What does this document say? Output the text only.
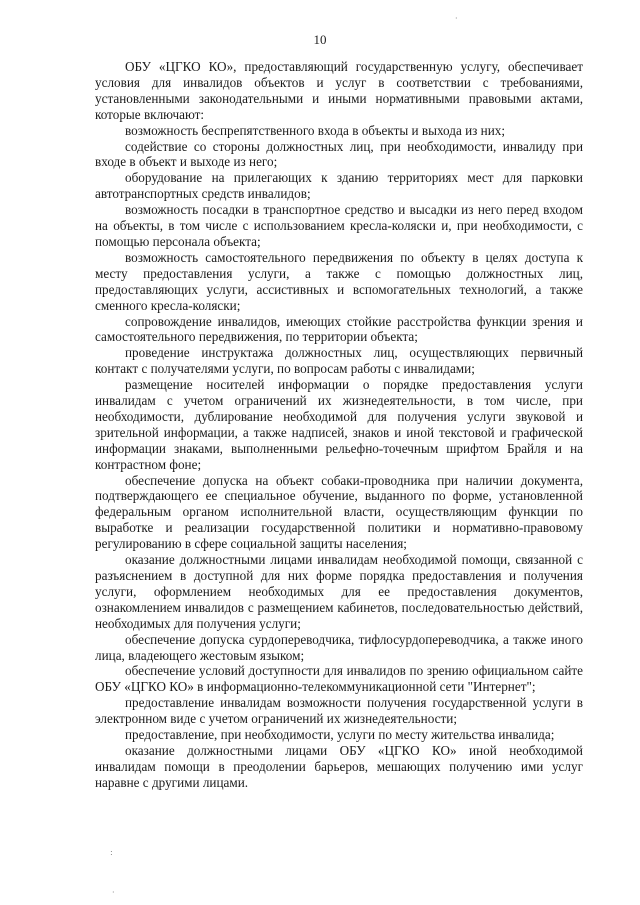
10

ОБУ «ЦГКО КО», предоставляющий государственную услугу, обеспечивает условия для инвалидов объектов и услуг в соответствии с требованиями, установленными законодательными и иными нормативными правовыми актами, которые включают:

возможность беспрепятственного входа в объекты и выхода из них;

содействие со стороны должностных лиц, при необходимости, инвалиду при входе в объект и выходе из него;

оборудование на прилегающих к зданию территориях мест для парковки автотранспортных средств инвалидов;

возможность посадки в транспортное средство и высадки из него перед входом на объекты, в том числе с использованием кресла-коляски и, при необходимости, с помощью персонала объекта;

возможность самостоятельного передвижения по объекту в целях доступа к месту предоставления услуги, а также с помощью должностных лиц, предоставляющих услуги, ассистивных и вспомогательных технологий, а также сменного кресла-коляски;

сопровождение инвалидов, имеющих стойкие расстройства функции зрения и самостоятельного передвижения, по территории объекта;

проведение инструктажа должностных лиц, осуществляющих первичный контакт с получателями услуги, по вопросам работы с инвалидами;

размещение носителей информации о порядке предоставления услуги инвалидам с учетом ограничений их жизнедеятельности, в том числе, при необходимости, дублирование необходимой для получения услуги звуковой и зрительной информации, а также надписей, знаков и иной текстовой и графической информации знаками, выполненными рельефно-точечным шрифтом Брайля и на контрастном фоне;

обеспечение допуска на объект собаки-проводника при наличии документа, подтверждающего ее специальное обучение, выданного по форме, установленной федеральным органом исполнительной власти, осуществляющим функции по выработке и реализации государственной политики и нормативно-правовому регулированию в сфере социальной защиты населения;

оказание должностными лицами инвалидам необходимой помощи, связанной с разъяснением в доступной для них форме порядка предоставления и получения услуги, оформлением необходимых для ее предоставления документов, ознакомлением инвалидов с размещением кабинетов, последовательностью действий, необходимых для получения услуги;

обеспечение допуска сурдопереводчика, тифлосурдопереводчика, а также иного лица, владеющего жестовым языком;

обеспечение условий доступности для инвалидов по зрению официальном сайте ОБУ «ЦГКО КО» в информационно-телекоммуникационной сети "Интернет";

предоставление инвалидам возможности получения государственной услуги в электронном виде с учетом ограничений их жизнедеятельности;

предоставление, при необходимости, услуги по месту жительства инвалида;

оказание должностными лицами ОБУ «ЦГКО КО» иной необходимой инвалидам помощи в преодолении барьеров, мешающих получению ими услуг наравне с другими лицами.

·
:
·
